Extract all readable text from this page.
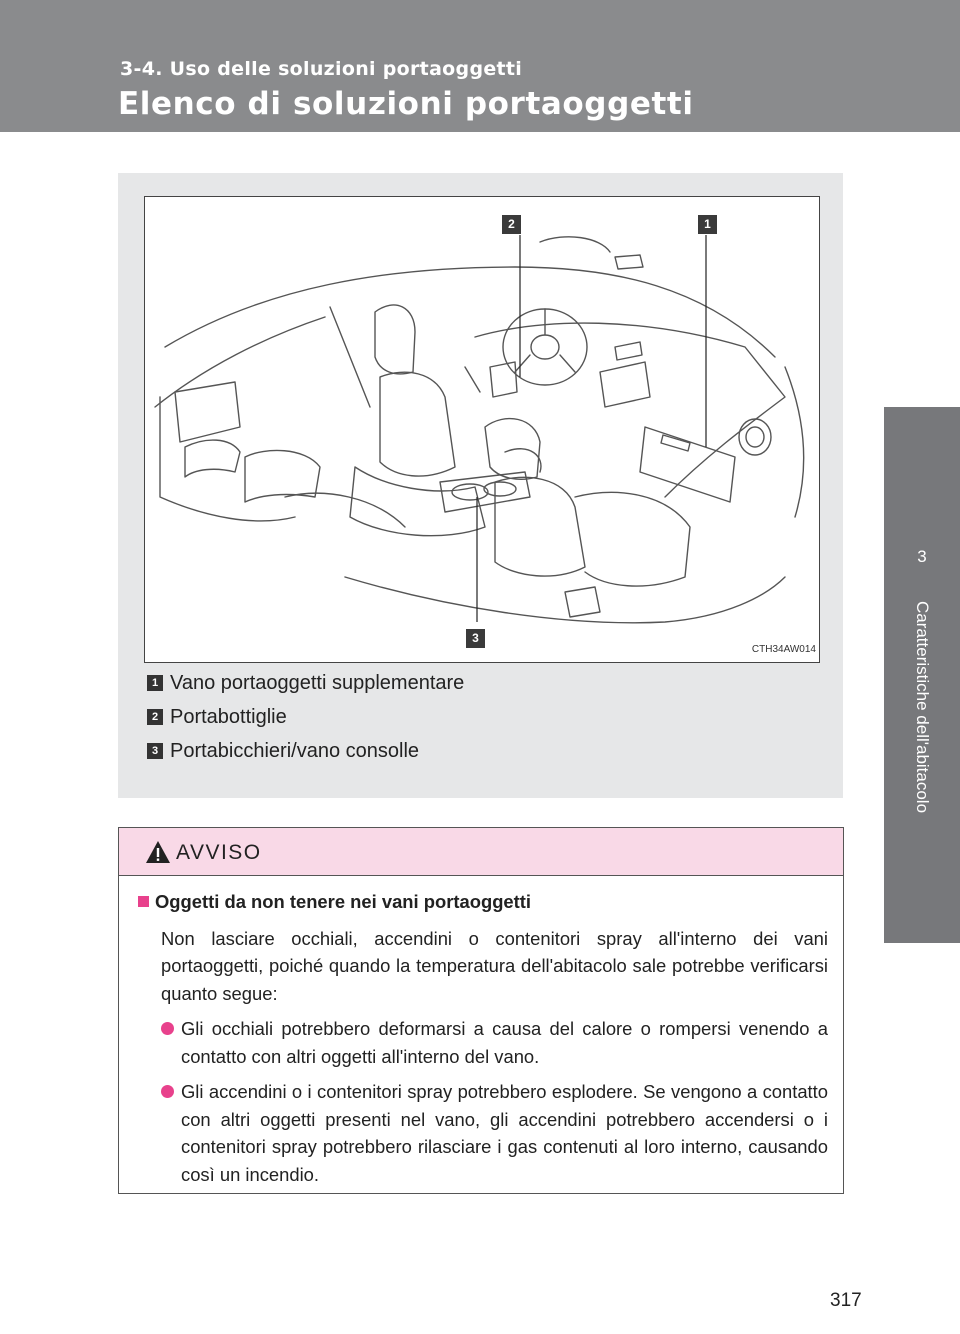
3-4. Uso delle soluzioni portaoggetti
Elenco di soluzioni portaoggetti
3
Caratteristiche dell'abitacolo
CTH34AW014
2	1
3
1 Vano portaoggetti supplementare
2 Portabottiglie
3 Portabicchieri/vano consolle
AVVISO
Oggetti da non tenere nei vani portaoggetti
Non lasciare occhiali, accendini o contenitori spray all'interno dei vani portaoggetti, poiché quando la temperatura dell'abitacolo sale potrebbe verificarsi quanto segue:
Gli occhiali potrebbero deformarsi a causa del calore o rompersi venendo a contatto con altri oggetti all'interno del vano.
Gli accendini o i contenitori spray potrebbero esplodere. Se vengono a contatto con altri oggetti presenti nel vano, gli accendini potrebbero accendersi o i contenitori spray potrebbero rilasciare i gas contenuti al loro interno, causando così un incendio.
317
